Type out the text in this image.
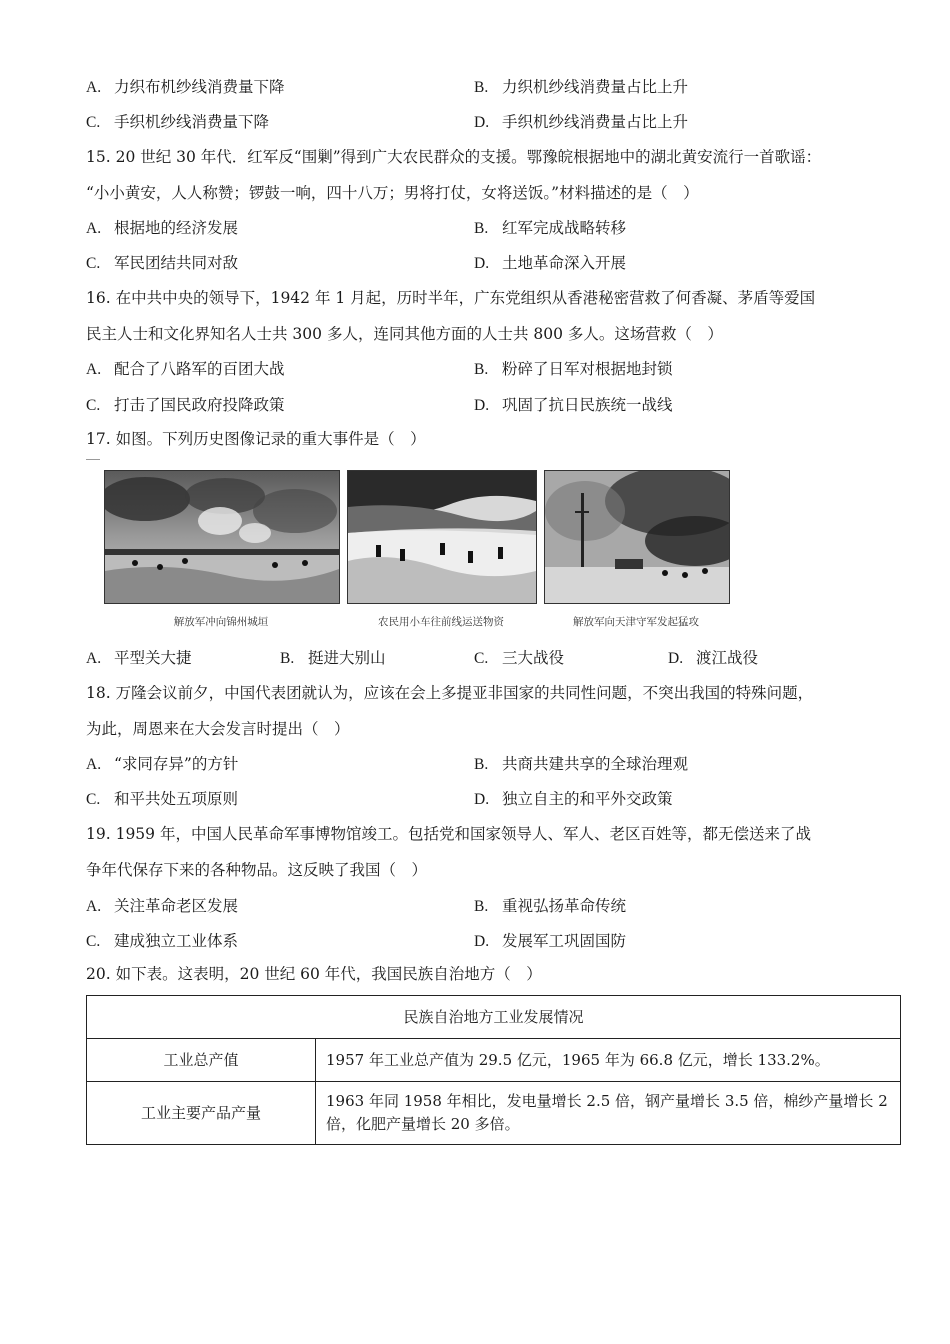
A. 力织布机纱线消费量下降	B. 力织机纱线消费量占比上升
C. 手织机纱线消费量下降	D. 手织机纱线消费量占比上升
15. 20 世纪 30 年代．红军反“围剿”得到广大农民群众的支援。鄂豫皖根据地中的湖北黄安流行一首歌谣：
“小小黄安，人人称赞；锣鼓一响，四十八万；男将打仗，女将送饭。”材料描述的是（　）
A. 根据地的经济发展	B. 红军完成战略转移
C. 军民团结共同对敌	D. 土地革命深入开展
16. 在中共中央的领导下，1942 年 1 月起，历时半年，广东党组织从香港秘密营救了何香凝、茅盾等爱国
民主人士和文化界知名人士共 300 多人，连同其他方面的人士共 800 多人。这场营救（　）
A. 配合了八路军的百团大战	B. 粉碎了日军对根据地封锁
C. 打击了国民政府投降政策	D. 巩固了抗日民族统一战线
17. 如图。下列历史图像记录的重大事件是（　）
解放军冲向锦州城垣	农民用小车往前线运送物资	解放军向天津守军发起猛攻
A. 平型关大捷	B. 挺进大别山	C. 三大战役	D. 渡江战役
18. 万隆会议前夕，中国代表团就认为，应该在会上多提亚非国家的共同性问题，不突出我国的特殊问题，
为此，周恩来在大会发言时提出（　）
A. “求同存异”的方针	B. 共商共建共享的全球治理观
C. 和平共处五项原则	D. 独立自主的和平外交政策
19. 1959 年，中国人民革命军事博物馆竣工。包括党和国家领导人、军人、老区百姓等，都无偿送来了战
争年代保存下来的各种物品。这反映了我国（　）
A. 关注革命老区发展	B. 重视弘扬革命传统
C. 建成独立工业体系	D. 发展军工巩固国防
20. 如下表。这表明，20 世纪 60 年代，我国民族自治地方（　）
民族自治地方工业发展情况	
工业总产值	1957 年工业总产值为 29.5 亿元，1965 年为 66.8 亿元，增长 133.2%。
工业主要产品产量	1963 年同 1958 年相比，发电量增长 2.5 倍，钢产量增长 3.5 倍，棉纱产量增长 2 倍，化肥产量增长 20 多倍。
